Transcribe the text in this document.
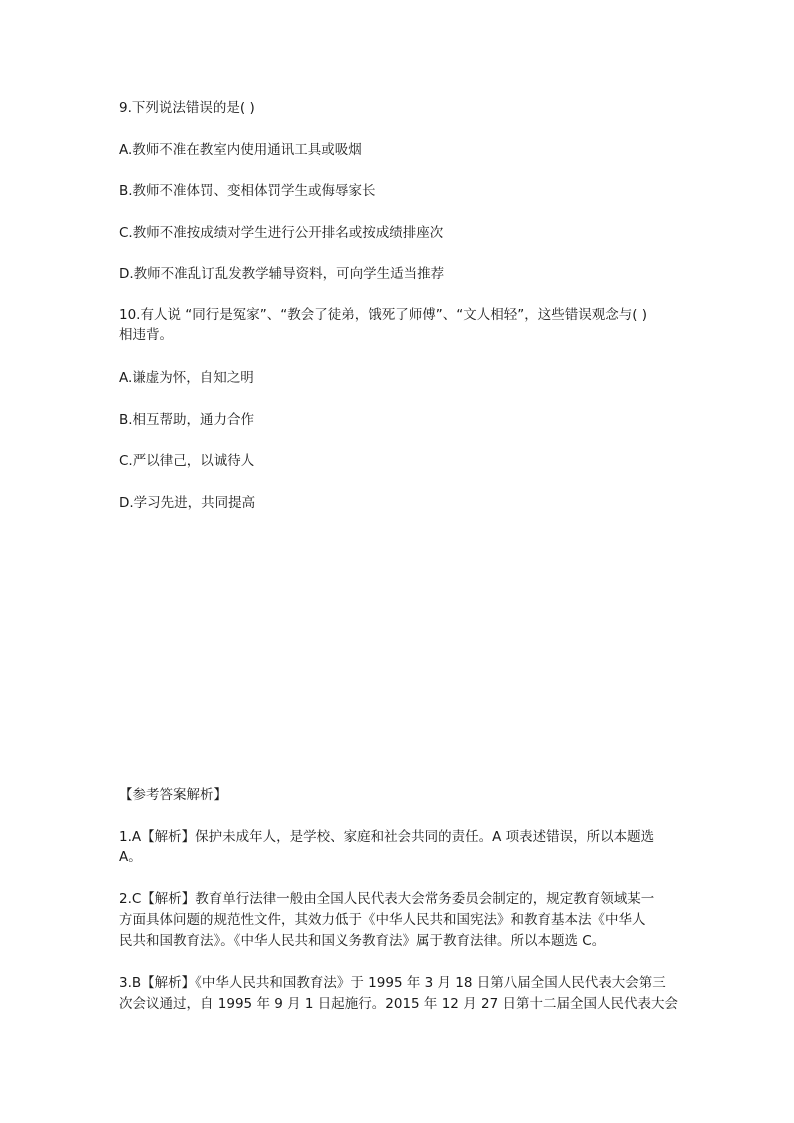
9.下列说法错误的是( )
A.教师不准在教室内使用通讯工具或吸烟
B.教师不准体罚、变相体罚学生或侮辱家长
C.教师不准按成绩对学生进行公开排名或按成绩排座次
D.教师不准乱订乱发教学辅导资料，可向学生适当推荐
10.有人说 “同行是冤家”、“教会了徒弟，饿死了师傅”、“文人相轻”，这些错误观念与( )
相违背。
A.谦虚为怀，自知之明
B.相互帮助，通力合作
C.严以律己，以诚待人
D.学习先进，共同提高
【参考答案解析】
1.A【解析】保护未成年人，是学校、家庭和社会共同的责任。A 项表述错误，所以本题选
A。
2.C【解析】教育单行法律一般由全国人民代表大会常务委员会制定的，规定教育领域某一
方面具体问题的规范性文件，其效力低于《中华人民共和国宪法》和教育基本法《中华人
民共和国教育法》。《中华人民共和国义务教育法》属于教育法律。所以本题选 C。
3.B【解析】《中华人民共和国教育法》于 1995 年 3 月 18 日第八届全国人民代表大会第三
次会议通过，自 1995 年 9 月 1 日起施行。2015 年 12 月 27 日第十二届全国人民代表大会
